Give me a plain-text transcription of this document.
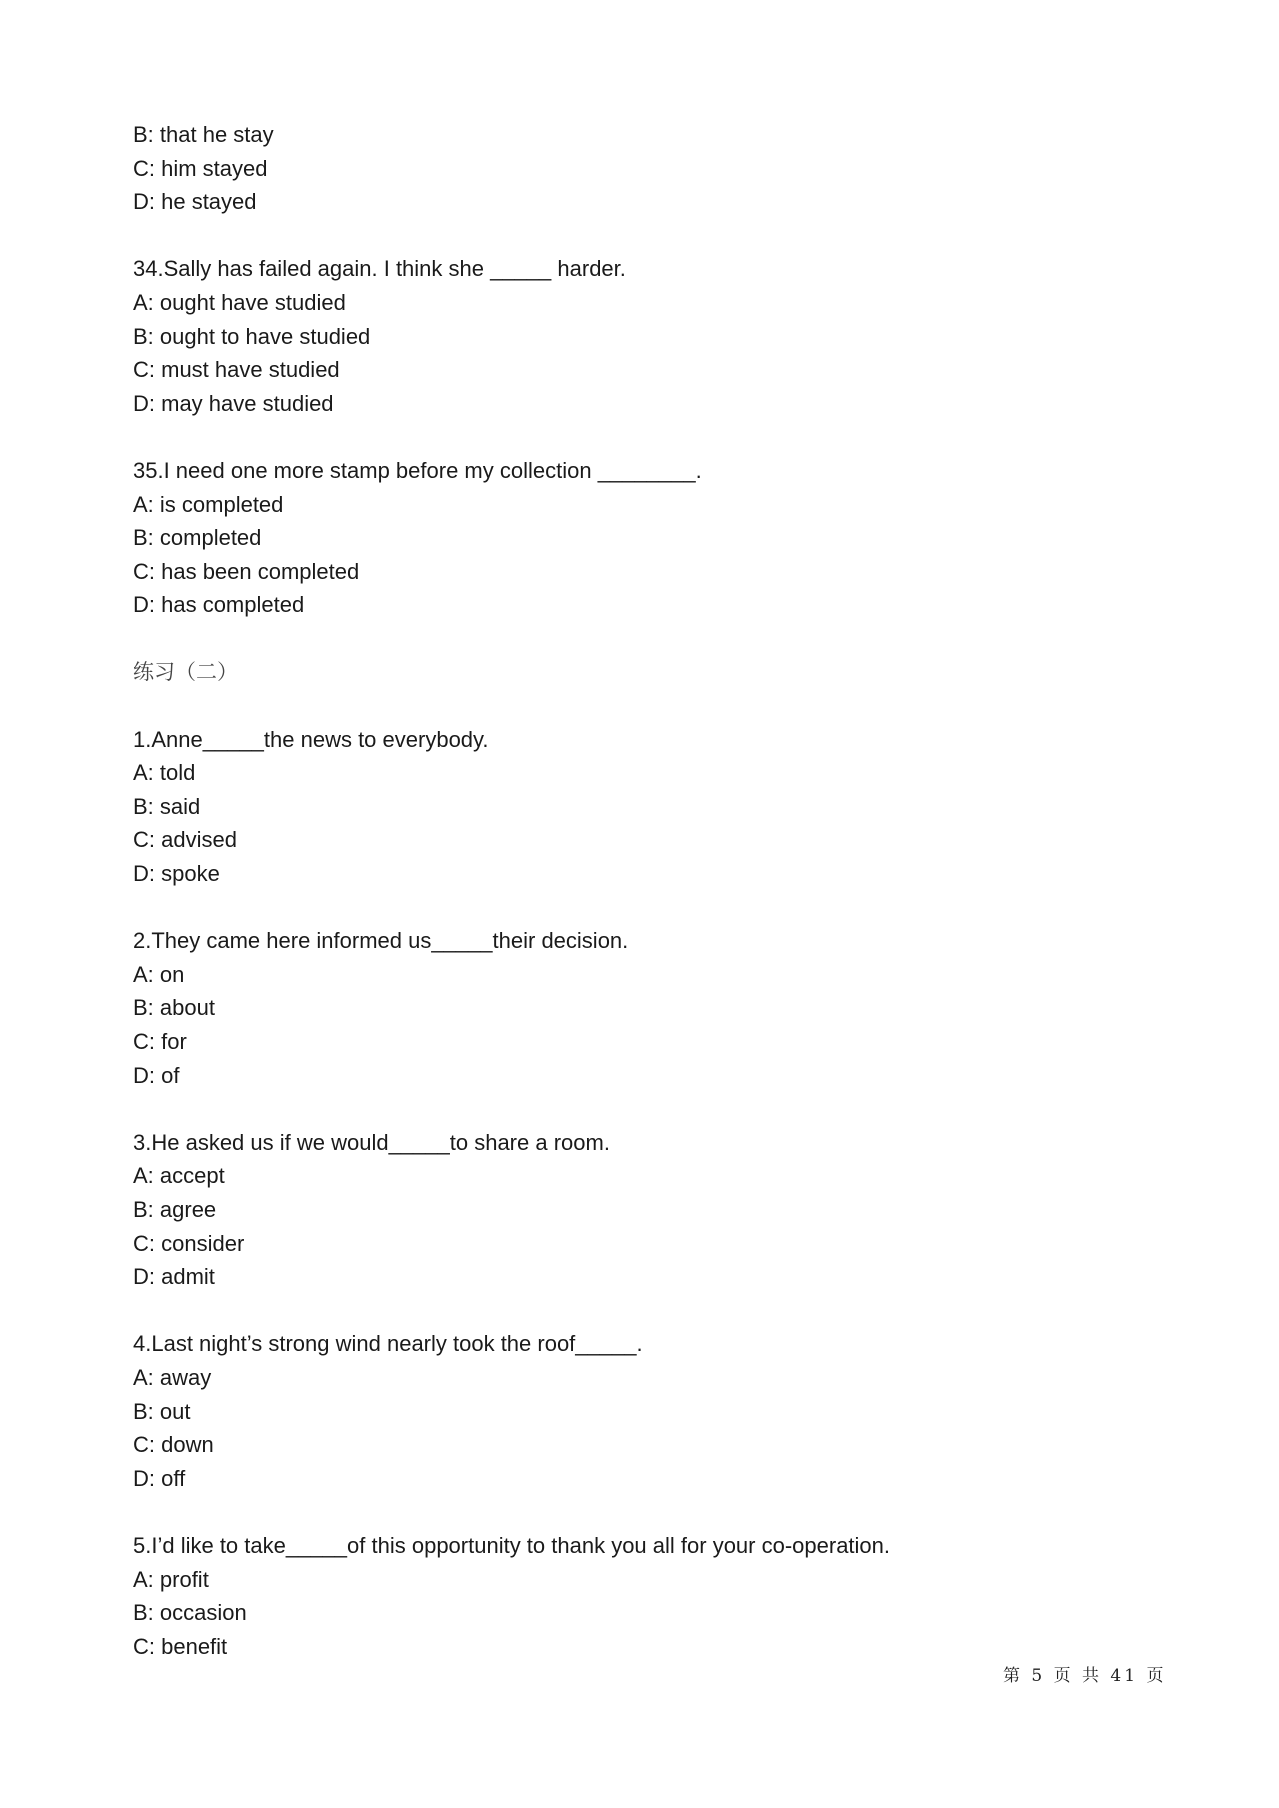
B: that he stay
C: him stayed
D: he stayed
34.Sally has failed again. I think she _____ harder.
A: ought have studied
B: ought to have studied
C: must have studied
D: may have studied
35.I need one more stamp before my collection ________.
A: is completed
B: completed
C: has been completed
D: has completed
练习（二）
1.Anne_____the news to everybody.
A: told
B: said
C: advised
D: spoke
2.They came here informed us_____their decision.
A: on
B: about
C: for
D: of
3.He asked us if we would_____to share a room.
A: accept
B: agree
C: consider
D: admit
4.Last night’s strong wind nearly took the roof_____.
A: away
B: out
C: down
D: off
5.I’d like to take_____of this opportunity to thank you all for your co-operation.
A: profit
B: occasion
C: benefit
第 5 页 共 41 页
